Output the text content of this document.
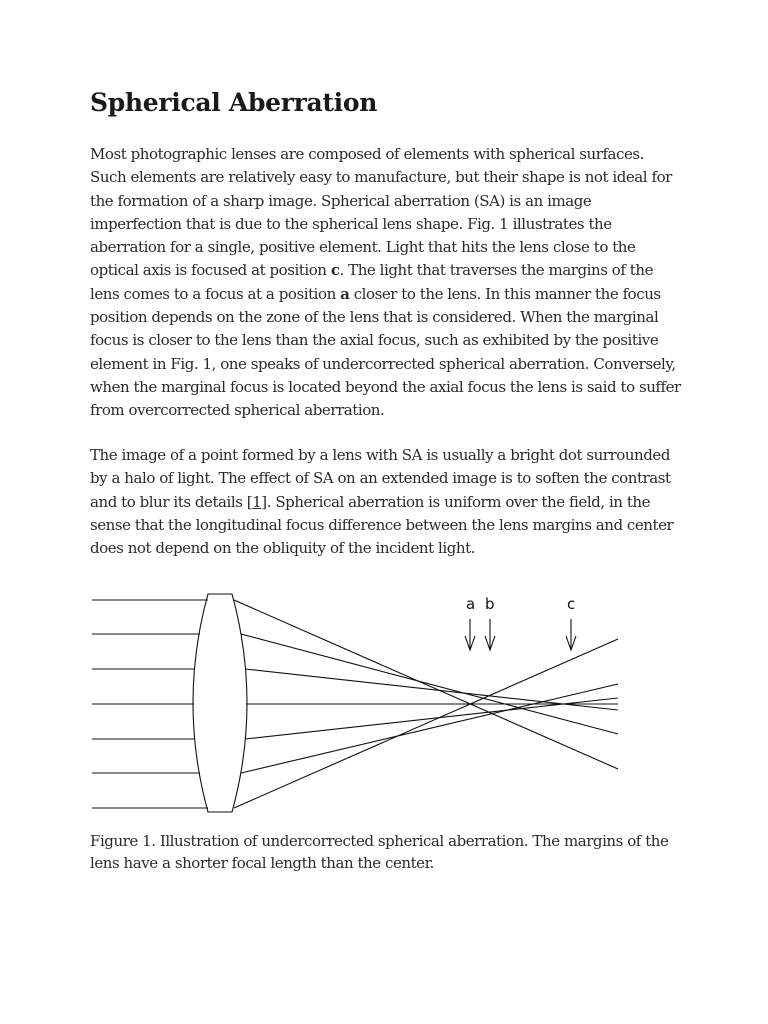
Spherical Aberration

Most photographic lenses are composed of elements with spherical surfaces.
Such elements are relatively easy to manufacture, but their shape is not ideal for
the formation of a sharp image. Spherical aberration (SA) is an image
imperfection that is due to the spherical lens shape. Fig. 1 illustrates the
aberration for a single, positive element. Light that hits the lens close to the
optical axis is focused at position c. The light that traverses the margins of the
lens comes to a focus at a position a closer to the lens. In this manner the focus
position depends on the zone of the lens that is considered. When the marginal
focus is closer to the lens than the axial focus, such as exhibited by the positive
element in Fig. 1, one speaks of undercorrected spherical aberration. Conversely,
when the marginal focus is located beyond the axial focus the lens is said to suffer
from overcorrected spherical aberration.

The image of a point formed by a lens with SA is usually a bright dot surrounded
by a halo of light. The effect of SA on an extended image is to soften the contrast
and to blur its details [1]. Spherical aberration is uniform over the field, in the
sense that the longitudinal focus difference between the lens margins and center
does not depend on the obliquity of the incident light.

a b	c

Figure 1. Illustration of undercorrected spherical aberration. The margins of the
lens have a shorter focal length than the center.
